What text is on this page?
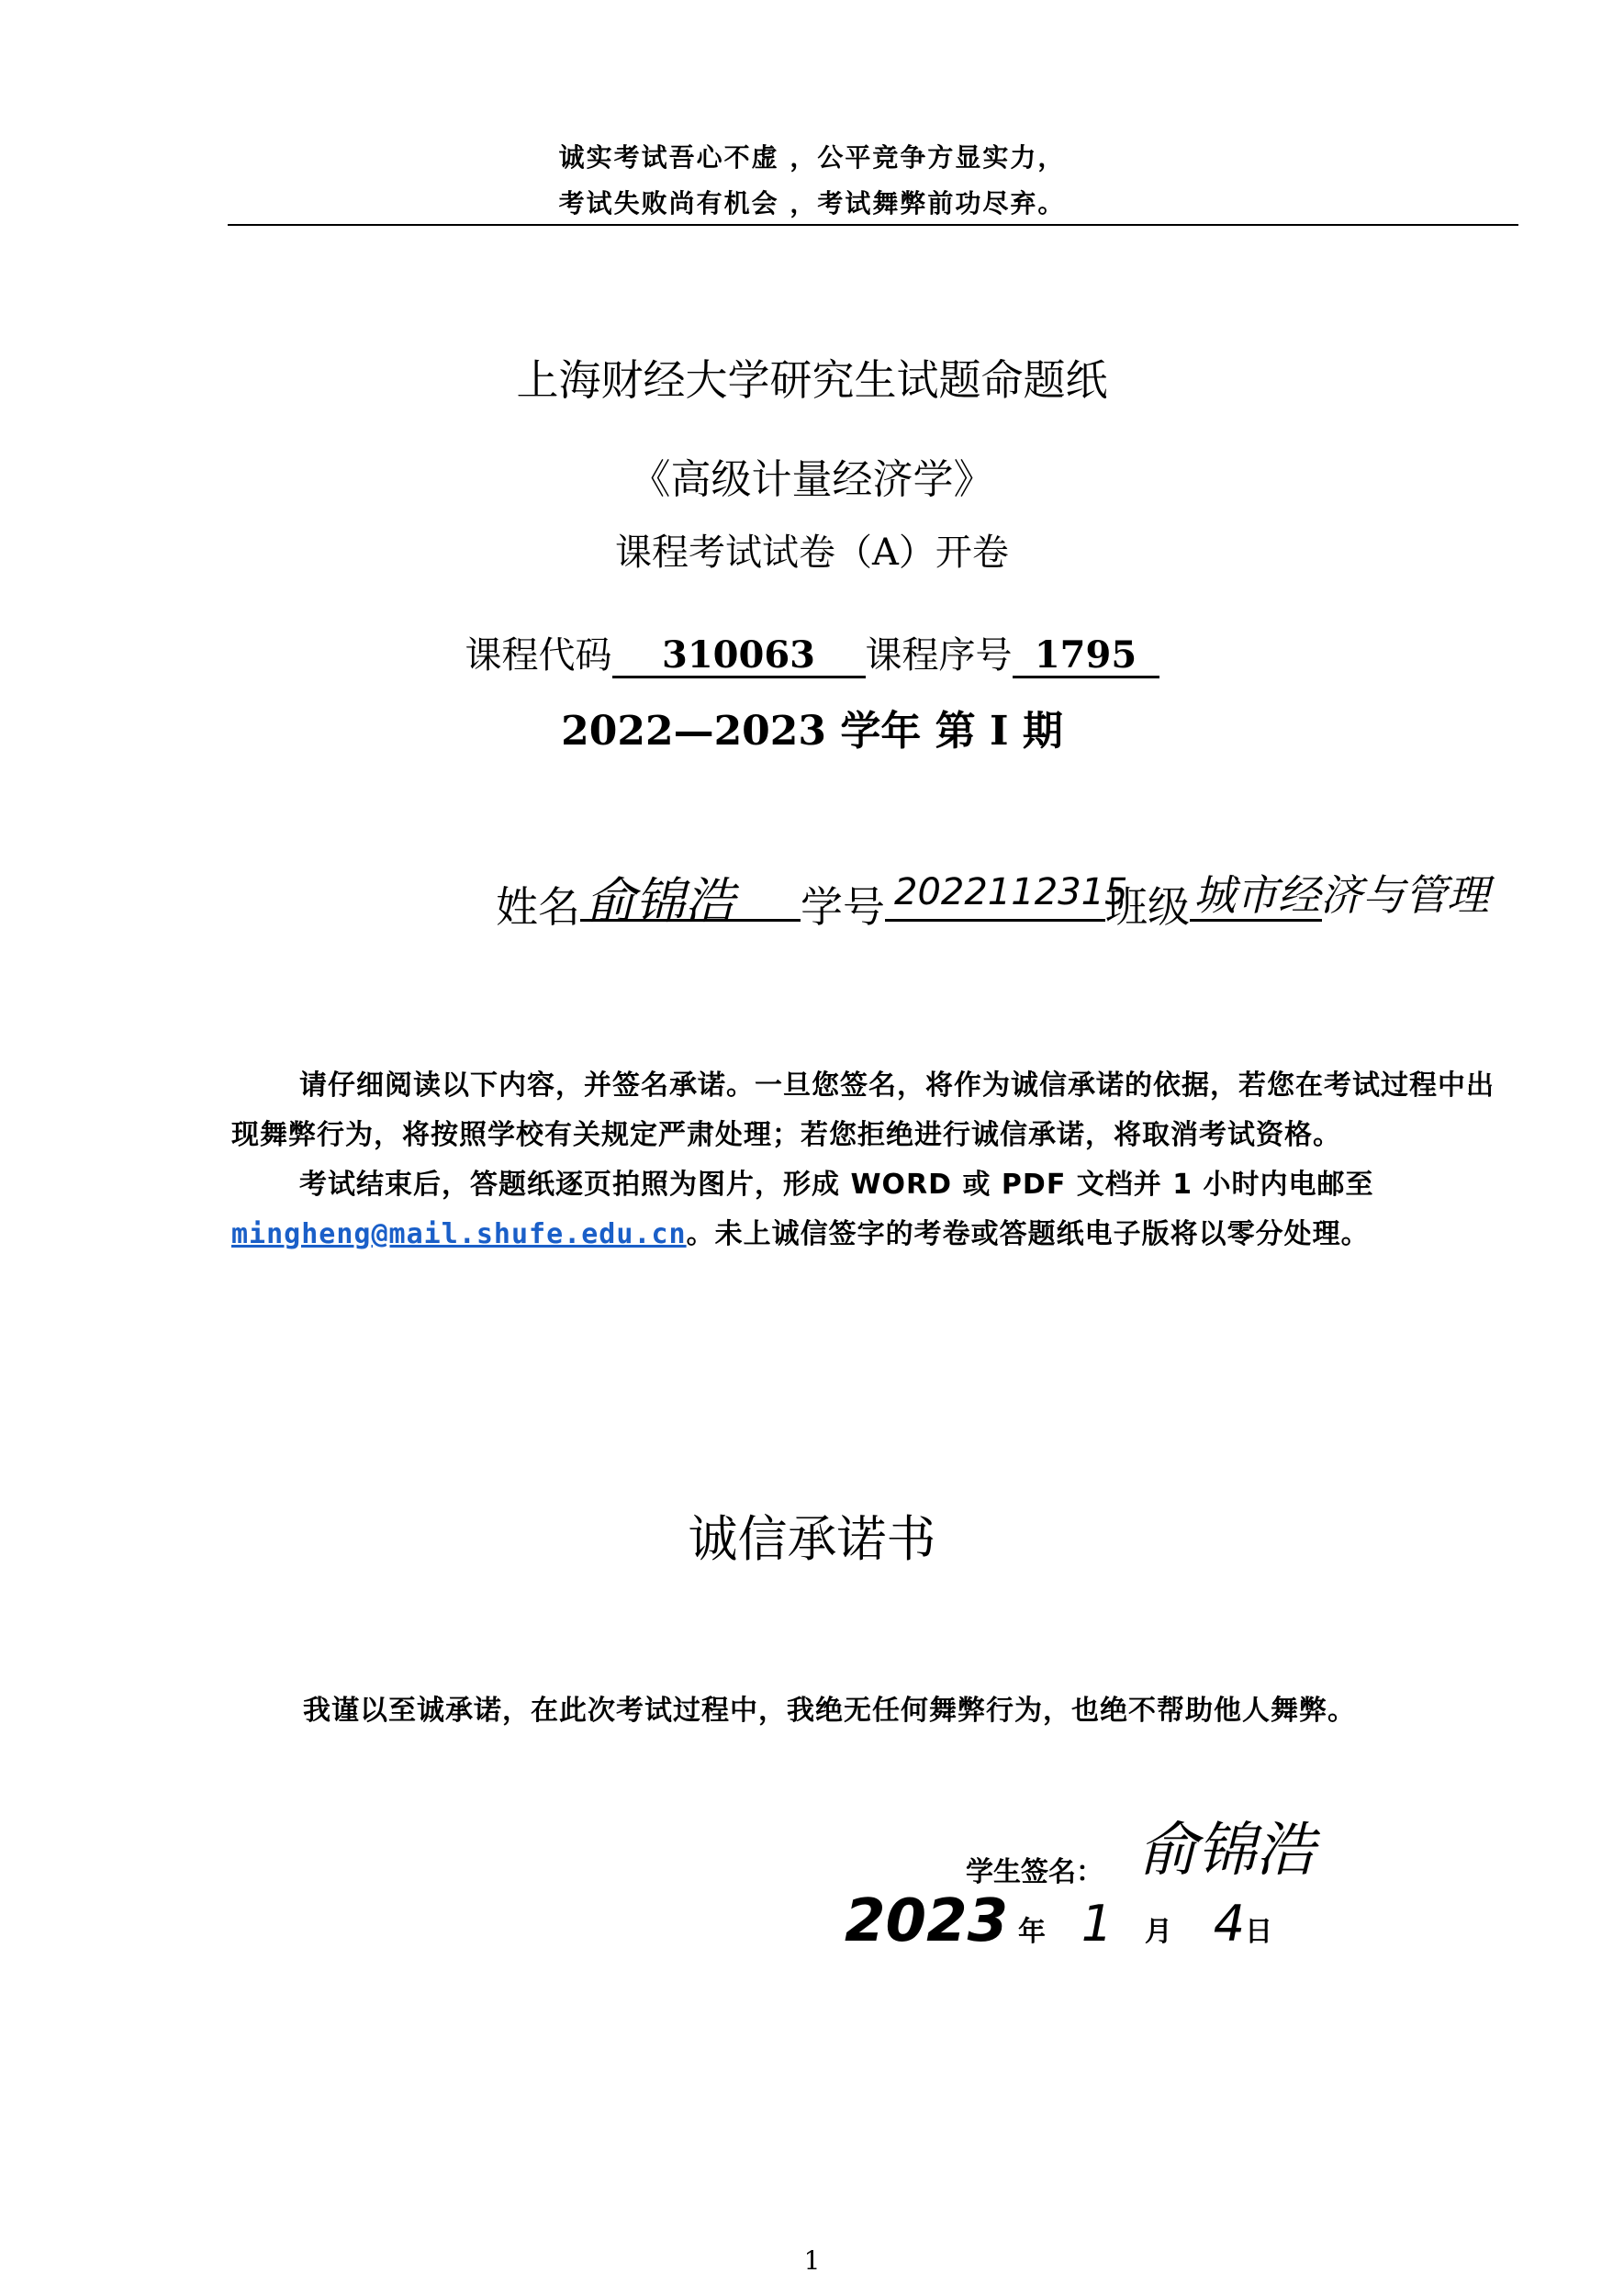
诚实考试吾心不虚 ，公平竞争方显实力，
考试失败尚有机会 ，考试舞弊前功尽弃。
上海财经大学研究生试题命题纸
《高级计量经济学》
课程考试试卷（A）开卷
课程代码 310063 课程序号 1795
2022—2023 学年 第 I 期
姓名 俞锦浩 学号 2022112315
班级 城市经济与管理

请仔细阅读以下内容，并签名承诺。一旦您签名，将作为诚信承诺的依据，若您在考试过程中出现舞弊行为，将按照学校有关规定严肃处理；若您拒绝进行诚信承诺，将取消考试资格。

考试结束后，答题纸逐页拍照为图片，形成 WORD 或 PDF 文档并 1 小时内电邮至mingheng@mail.shufe.edu.cn。未上诚信签字的考卷或答题纸电子版将以零分处理。

诚信承诺书
我谨以至诚承诺，在此次考试过程中，我绝无任何舞弊行为，也绝不帮助他人舞弊。
学生签名： 俞锦浩
2023 年 1 月 4日
1
